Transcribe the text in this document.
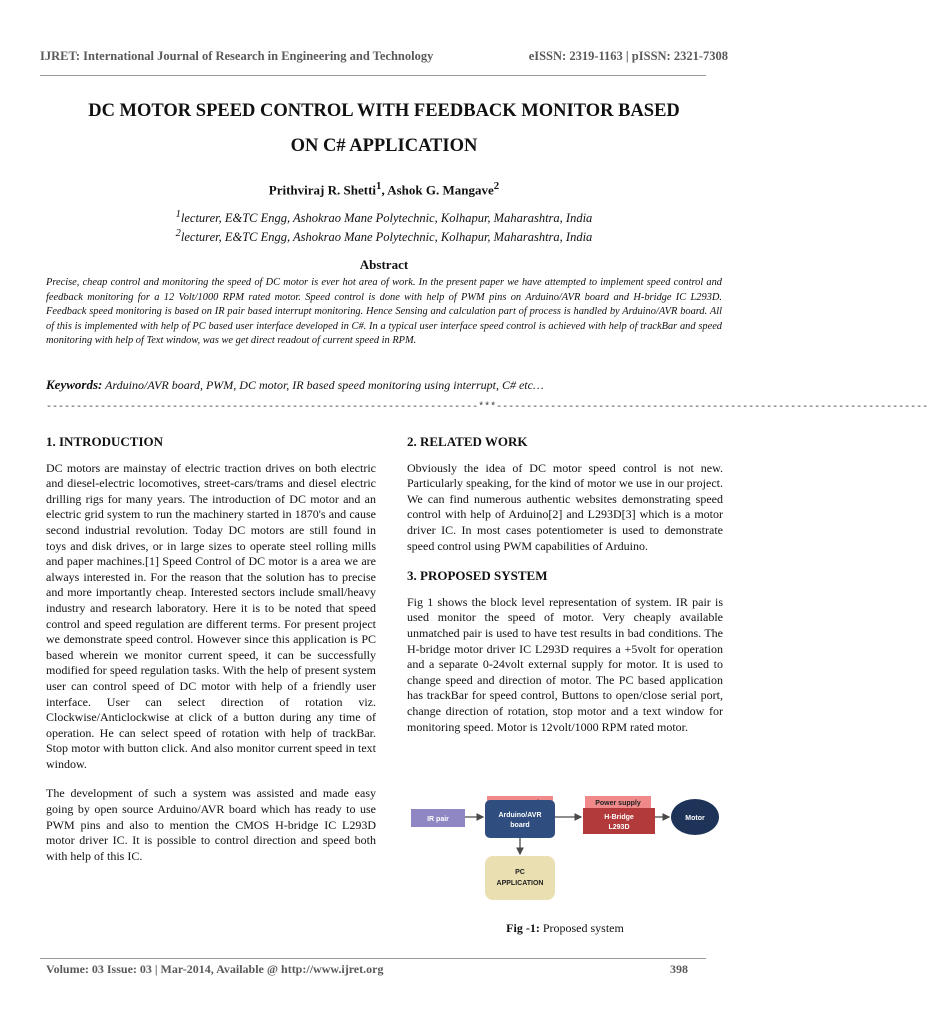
IJRET: International Journal of Research in Engineering and Technology	eISSN: 2319-1163 | pISSN: 2321-7308
DC MOTOR SPEED CONTROL WITH FEEDBACK MONITOR BASED
ON C# APPLICATION
Prithviraj R. Shetti$^1$, Ashok G. Mangave$^2$
$^1$lecturer, E&TC Engg, Ashokrao Mane Polytechnic, Kolhapur, Maharashtra, India
$^2$lecturer, E&TC Engg, Ashokrao Mane Polytechnic, Kolhapur, Maharashtra, India
Abstract
Precise, cheap control and monitoring the speed of DC motor is ever hot area of work. In the present paper we have attempted to implement speed control and feedback monitoring for a 12 Volt/1000 RPM rated motor. Speed control is done with help of PWM pins on Arduino/AVR board and H-bridge IC L293D. Feedback speed monitoring is based on IR pair based interrupt monitoring. Hence Sensing and calculation part of process is handled by Arduino/AVR board. All of this is implemented with help of PC based user interface developed in C#. In a typical user interface speed control is achieved with help of trackBar and speed monitoring with help of Text window, was we get direct readout of current speed in RPM.
Keywords: Arduino/AVR board, PWM, DC motor, IR based speed monitoring using interrupt, C# etc…
------------------------------------------------------------------------***------------------------------------------------------------------------
1. INTRODUCTION

DC motors are mainstay of electric traction drives on both electric and diesel-electric locomotives, street-cars/trams and diesel electric drilling rigs for many years. The introduction of DC motor and an electric grid system to run the machinery started in 1870's and cause second industrial revolution. Today DC motors are still found in toys and disk drives, or in large sizes to operate steel rolling mills and paper machines.[1] Speed Control of DC motor is a area we are always interested in. For the reason that the solution has to precise and more importantly cheap. Interested sectors include small/heavy industry and research laboratory. Here it is to be noted that speed control and speed regulation are different terms. For present project we demonstrate speed control. However since this application is PC based wherein we monitor current speed, it can be successfully modified for speed regulation tasks. With the help of present system user can control speed of DC motor with help of a friendly user interface. User can select direction of rotation viz. Clockwise/Anticlockwise at click of a button during any time of operation. He can select speed of rotation with help of trackBar. Stop motor with button click. And also monitor current speed in text window.

The development of such a system was assisted and made easy going by open source Arduino/AVR board which has ready to use PWM pins and also to mention the CMOS H-bridge IC L293D motor driver IC. It is possible to control direction and speed both with help of this IC.

2. RELATED WORK

Obviously the idea of DC motor speed control is not new. Particularly speaking, for the kind of motor we use in our project. We can find numerous authentic websites demonstrating speed control with help of Arduino[2] and L293D[3] which is a motor driver IC. In most cases potentiometer is used to demonstrate speed control using PWM capabilities of Arduino.

3. PROPOSED SYSTEM

Fig 1 shows the block level representation of system. IR pair is used monitor the speed of motor. Very cheaply available unmatched pair is used to have test results in bad conditions. The H-bridge motor driver IC L293D requires a +5volt for operation and a separate 0-24volt external supply for motor. It is used to change speed and direction of motor. The PC based application has trackBar for speed control, Buttons to open/close serial port, change direction of rotation, stop motor and a text window for monitoring speed. Motor is 12volt/1000 RPM rated motor.

Power supply
IR pair
Arduino/AVR
board
H-Bridge
L293D
Motor
PC
APPLICATION
Fig -1: Proposed system
Volume: 03 Issue: 03 | Mar-2014, Available @ http://www.ijret.org	398
